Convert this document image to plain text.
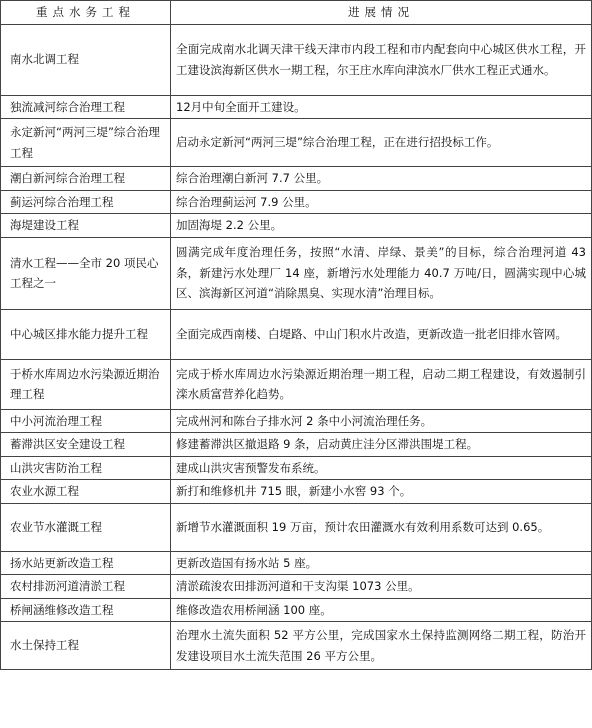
重点水务工程	进展情况
南水北调工程	全面完成南水北调天津干线天津市内段工程和市内配套向中心城区供水工程，开工建设滨海新区供水一期工程，尔王庄水库向津滨水厂供水工程正式通水。
独流减河综合治理工程	12月中旬全面开工建设。
永定新河“两河三堤”综合治理工程	启动永定新河“两河三堤”综合治理工程，正在进行招投标工作。
潮白新河综合治理工程	综合治理潮白新河 7.7 公里。
蓟运河综合治理工程	综合治理蓟运河 7.9 公里。
海堤建设工程	加固海堤 2.2 公里。
清水工程——全市 20 项民心工程之一	圆满完成年度治理任务，按照“水清、岸绿、景美”的目标，综合治理河道 43 条，新建污水处理厂 14 座，新增污水处理能力 40.7 万吨/日，圆满实现中心城区、滨海新区河道“消除黑臭、实现水清”治理目标。
中心城区排水能力提升工程	全面完成西南楼、白堤路、中山门积水片改造，更新改造一批老旧排水管网。
于桥水库周边水污染源近期治理工程	完成于桥水库周边水污染源近期治理一期工程，启动二期工程建设，有效遏制引滦水质富营养化趋势。
中小河流治理工程	完成州河和陈台子排水河 2 条中小河流治理任务。
蓄滞洪区安全建设工程	修建蓄滞洪区撤退路 9 条，启动黄庄洼分区滞洪围堤工程。
山洪灾害防治工程	建成山洪灾害预警发布系统。
农业水源工程	新打和维修机井 715 眼，新建小水窖 93 个。
农业节水灌溉工程	新增节水灌溉面积 19 万亩，预计农田灌溉水有效利用系数可达到 0.65。
扬水站更新改造工程	更新改造国有扬水站 5 座。
农村排沥河道清淤工程	清淤疏浚农田排沥河道和干支沟渠 1073 公里。
桥闸涵维修改造工程	维修改造农用桥闸涵 100 座。
水土保持工程	治理水土流失面积 52 平方公里，完成国家水土保持监测网络二期工程，防治开发建设项目水土流失范围 26 平方公里。
